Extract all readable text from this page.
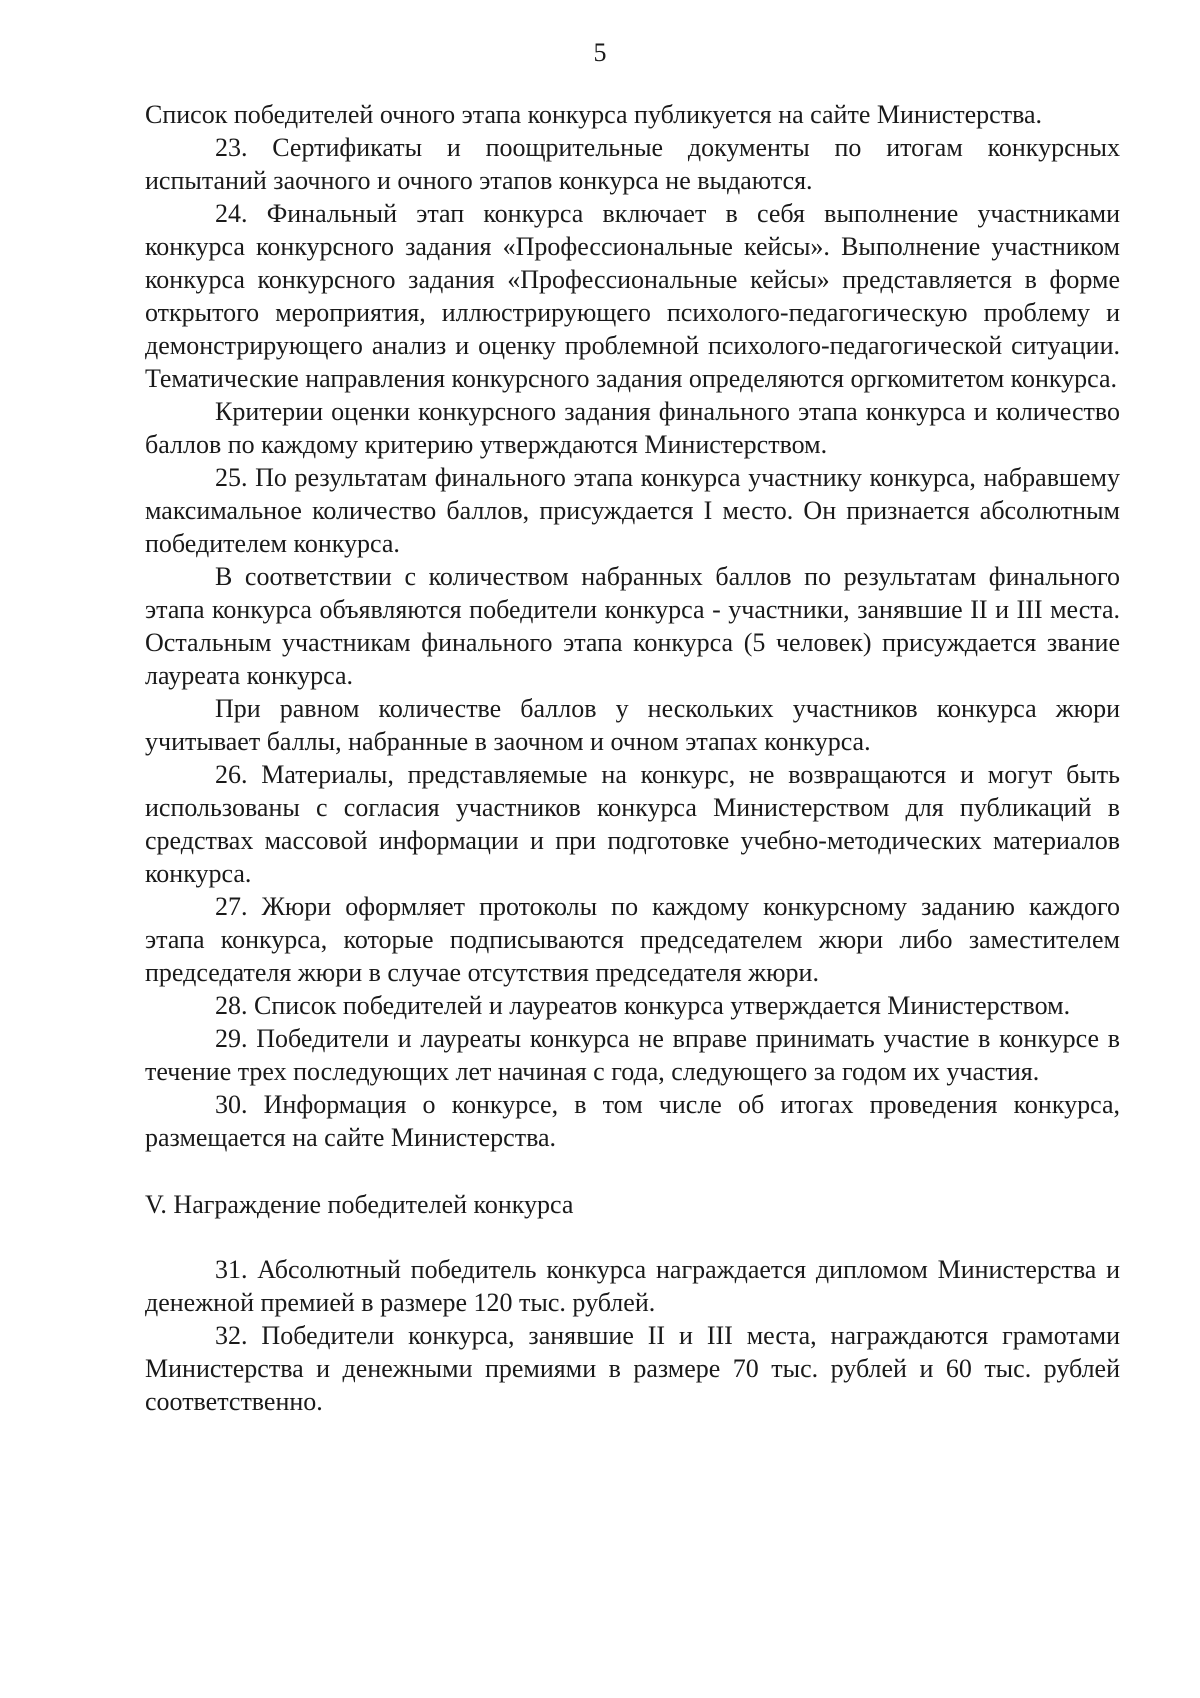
5

Список победителей очного этапа конкурса публикуется на сайте Министерства.

23. Сертификаты и поощрительные документы по итогам конкурсных испытаний заочного и очного этапов конкурса не выдаются.

24. Финальный этап конкурса включает в себя выполнение участниками конкурса конкурсного задания «Профессиональные кейсы». Выполнение участником конкурса конкурсного задания «Профессиональные кейсы» представляется в форме открытого мероприятия, иллюстрирующего психолого-педагогическую проблему и демонстрирующего анализ и оценку проблемной психолого-педагогической ситуации. Тематические направления конкурсного задания определяются оргкомитетом конкурса.

Критерии оценки конкурсного задания финального этапа конкурса и количество баллов по каждому критерию утверждаются Министерством.

25. По результатам финального этапа конкурса участнику конкурса, набравшему максимальное количество баллов, присуждается I место. Он признается абсолютным победителем конкурса.

В соответствии с количеством набранных баллов по результатам финального этапа конкурса объявляются победители конкурса - участники, занявшие II и III места. Остальным участникам финального этапа конкурса (5 человек) присуждается звание лауреата конкурса.

При равном количестве баллов у нескольких участников конкурса жюри учитывает баллы, набранные в заочном и очном этапах конкурса.

26. Материалы, представляемые на конкурс, не возвращаются и могут быть использованы с согласия участников конкурса Министерством для публикаций в средствах массовой информации и при подготовке учебно-методических материалов конкурса.

27. Жюри оформляет протоколы по каждому конкурсному заданию каждого этапа конкурса, которые подписываются председателем жюри либо заместителем председателя жюри в случае отсутствия председателя жюри.

28. Список победителей и лауреатов конкурса утверждается Министерством.

29. Победители и лауреаты конкурса не вправе принимать участие в конкурсе в течение трех последующих лет начиная с года, следующего за годом их участия.

30. Информация о конкурсе, в том числе об итогах проведения конкурса, размещается на сайте Министерства.

V. Награждение победителей конкурса

31. Абсолютный победитель конкурса награждается дипломом Министерства и денежной премией в размере 120 тыс. рублей.

32. Победители конкурса, занявшие II и III места, награждаются грамотами Министерства и денежными премиями в размере 70 тыс. рублей и 60 тыс. рублей соответственно.
